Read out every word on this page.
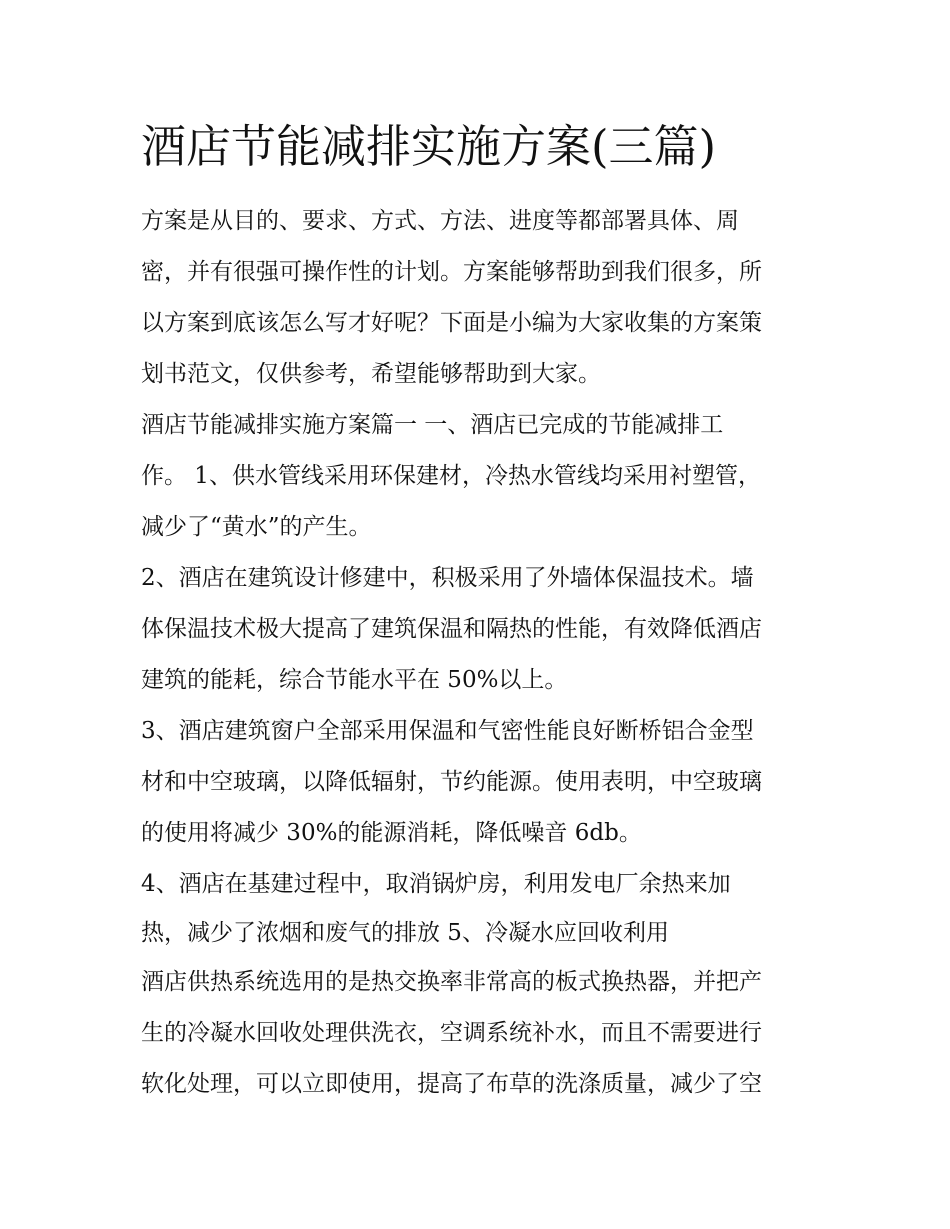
酒店节能减排实施方案(三篇)
方案是从目的、要求、方式、方法、进度等都部署具体、周
密，并有很强可操作性的计划。方案能够帮助到我们很多，所
以方案到底该怎么写才好呢？下面是小编为大家收集的方案策
划书范文，仅供参考，希望能够帮助到大家。
酒店节能减排实施方案篇一 一、酒店已完成的节能减排工
作。 1、供水管线采用环保建材，冷热水管线均采用衬塑管，
减少了“黄水”的产生。
2、酒店在建筑设计修建中，积极采用了外墙体保温技术。墙
体保温技术极大提高了建筑保温和隔热的性能，有效降低酒店
建筑的能耗，综合节能水平在 50%以上。
3、酒店建筑窗户全部采用保温和气密性能良好断桥铝合金型
材和中空玻璃，以降低辐射，节约能源。使用表明，中空玻璃
的使用将减少 30%的能源消耗，降低噪音 6db。
4、酒店在基建过程中，取消锅炉房，利用发电厂余热来加
热，减少了浓烟和废气的排放 5、冷凝水应回收利用
酒店供热系统选用的是热交换率非常高的板式换热器，并把产
生的冷凝水回收处理供洗衣，空调系统补水，而且不需要进行
软化处理，可以立即使用，提高了布草的洗涤质量，减少了空
